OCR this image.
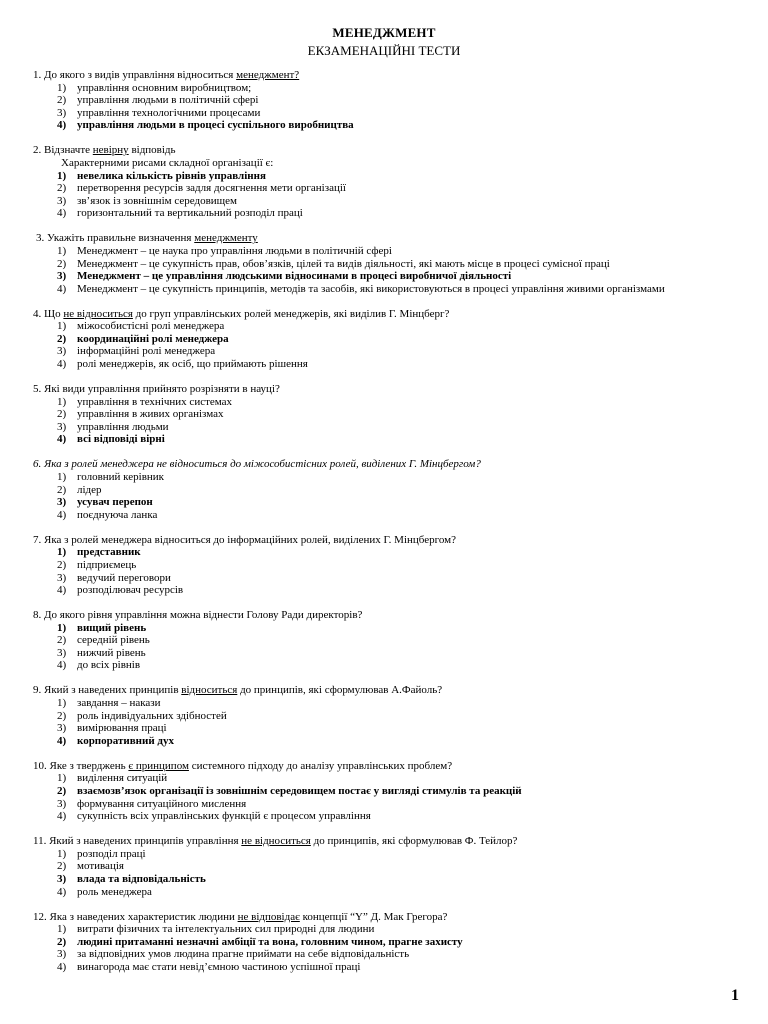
МЕНЕДЖМЕНТ
ЕКЗАМЕНАЦІЙНІ ТЕСТИ
1. До якого з видів управління відноситься менеджмент?
1) управління основним виробництвом;
2) управління людьми в політичній сфері
3) управління технологічними процесами
4) управління людьми в процесі суспільного виробництва
2. Відзначте невірну відповідь
Характерними рисами складної організації є:
1) невелика кількість рівнів управління
2) перетворення ресурсів задля досягнення мети організації
3) зв’язок із зовнішнім середовищем
4) горизонтальний та вертикальний розподіл праці
3. Укажіть правильне визначення менеджменту
1) Менеджмент – це наука про управління людьми в політичній сфері
2) Менеджмент – це сукупність прав, обов’язків, цілей та видів діяльності, які мають місце в процесі сумісної праці
3) Менеджмент – це управління людськими відносинами в процесі виробничої діяльності
4) Менеджмент – це сукупність принципів, методів та засобів, які використовуються в процесі управління живими організмами
4. Що не відноситься до груп управлінських ролей менеджерів, які виділив Г. Мінцберг?
1) міжособистісні ролі менеджера
2) координаційні ролі менеджера
3) інформаційні ролі менеджера
4) ролі менеджерів, як осіб, що приймають рішення
5. Які види управління прийнято розрізняти в науці?
1) управління в технічних системах
2) управління в живих організмах
3) управління людьми
4) всі відповіді вірні
6. Яка з ролей менеджера не відноситься до міжособистісних ролей, виділених Г. Мінцбергом?
1) головний керівник
2) лідер
3) усувач перепон
4) поєднуюча ланка
7. Яка з ролей менеджера відноситься до інформаційних ролей, виділених Г. Мінцбергом?
1) представник
2) підприємець
3) ведучий переговори
4) розподілювач ресурсів
8. До якого рівня управління можна віднести Голову Ради директорів?
1) вищий рівень
2) середній рівень
3) нижчий рівень
4) до всіх рівнів
9. Який з наведених принципів відноситься до принципів, які сформулював А.Файоль?
1) завдання – накази
2) роль індивідуальних здібностей
3) вимірювання праці
4) корпоративний дух
10. Яке з тверджень є принципом системного підходу до аналізу управлінських проблем?
1) виділення ситуацій
2) взаємозв’язок організації із зовнішнім середовищем постає у вигляді стимулів та реакцій
3) формування ситуаційного мислення
4) сукупність всіх управлінських функцій є процесом управління
11. Який з наведених принципів управління не відноситься до принципів, які сформулював Ф. Тейлор?
1) розподіл праці
2) мотивація
3) влада та відповідальність
4) роль менеджера
12. Яка з наведених характеристик людини не відповідає концепції “Y” Д. Мак Грегора?
1) витрати фізичних та інтелектуальних сил природні для людини
2) людині притаманні незначні амбіції та вона, головним чином, прагне захисту
3) за відповідних умов людина прагне приймати на себе відповідальність
4) винагорода має стати невід’ємною частиною успішної праці
1
